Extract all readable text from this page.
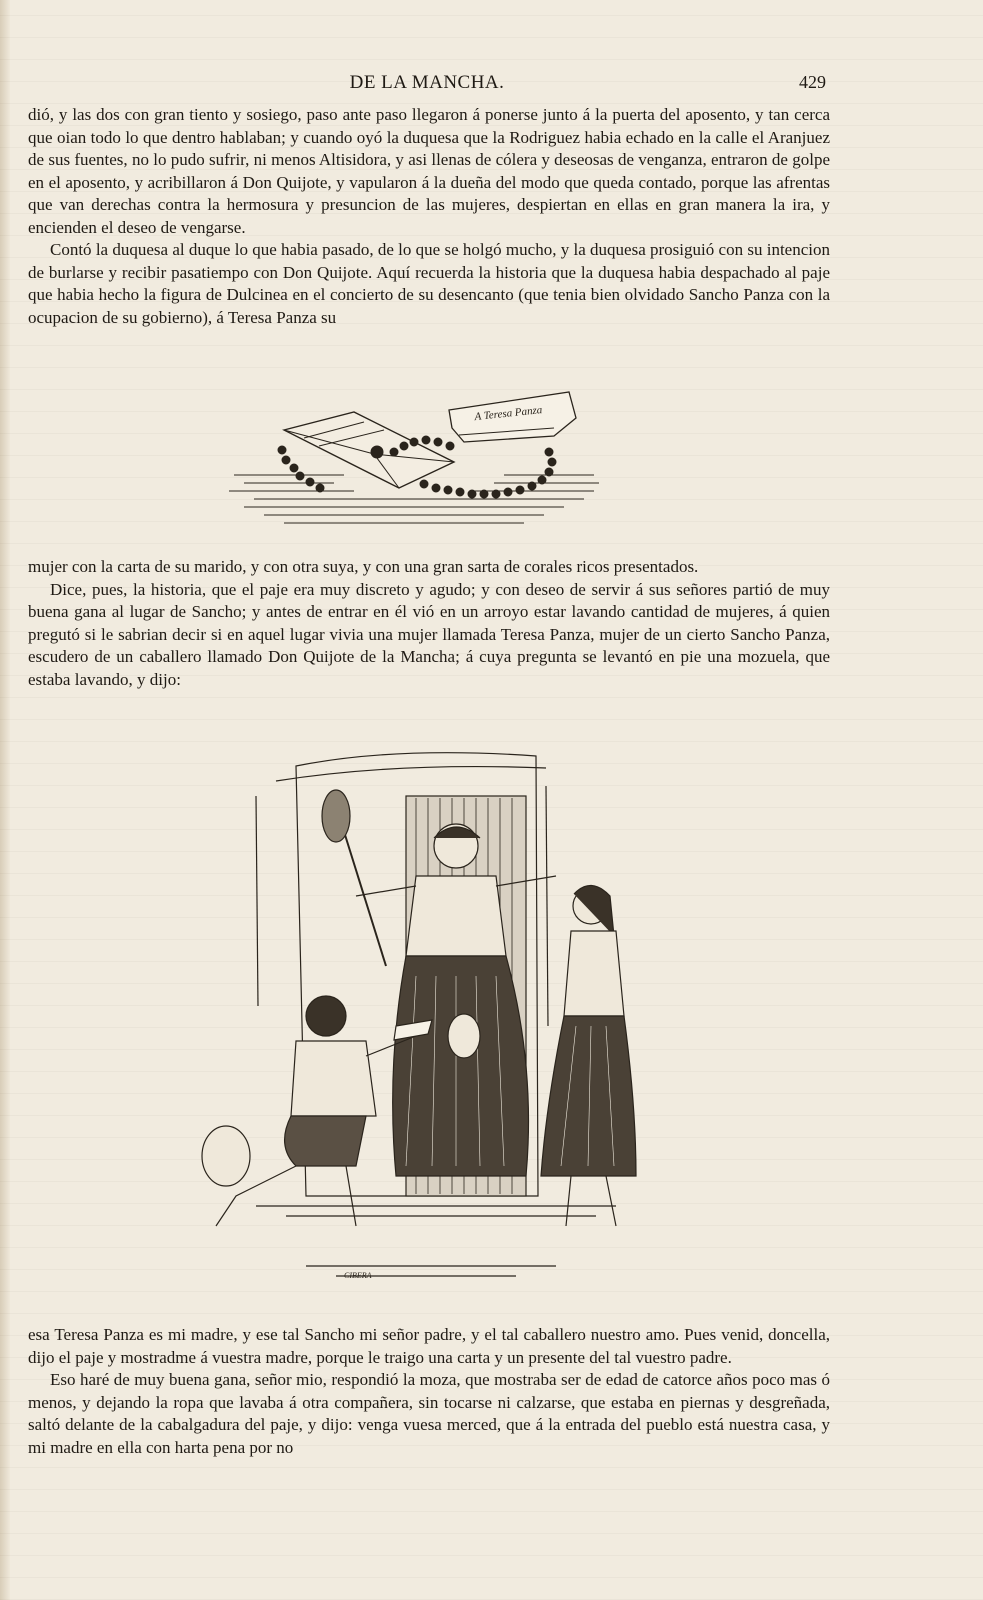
DE LA MANCHA.	429

dió, y las dos con gran tiento y sosiego, paso ante paso llegaron á ponerse junto á la puerta del aposento, y tan cerca que oian todo lo que dentro hablaban; y cuando oyó la duquesa que la Rodriguez habia echado en la calle el Aranjuez de sus fuentes, no lo pudo sufrir, ni menos Altisidora, y asi llenas de cólera y deseosas de venganza, entraron de golpe en el aposento, y acribillaron á Don Quijote, y vapularon á la dueña del modo que queda contado, porque las afrentas que van derechas contra la hermosura y presuncion de las mujeres, despiertan en ellas en gran manera la ira, y encienden el deseo de vengarse.

Contó la duquesa al duque lo que habia pasado, de lo que se holgó mucho, y la duquesa prosiguió con su intencion de burlarse y recibir pasatiempo con Don Quijote. Aquí recuerda la historia que la duquesa habia despachado al paje que habia hecho la figura de Dulcinea en el concierto de su desencanto (que tenia bien olvidado Sancho Panza con la ocupacion de su gobierno), á Teresa Panza su

A Teresa Panza

mujer con la carta de su marido, y con otra suya, y con una gran sarta de corales ricos presentados.

Dice, pues, la historia, que el paje era muy discreto y agudo; y con deseo de servir á sus señores partió de muy buena gana al lugar de Sancho; y antes de entrar en él vió en un arroyo estar lavando cantidad de mujeres, á quien pregutó si le sabrian decir si en aquel lugar vivia una mujer llamada Teresa Panza, mujer de un cierto Sancho Panza, escudero de un caballero llamado Don Quijote de la Mancha; á cuya pregunta se levantó en pie una mozuela, que estaba lavando, y dijo:

CIBERA

esa Teresa Panza es mi madre, y ese tal Sancho mi señor padre, y el tal caballero nuestro amo. Pues venid, doncella, dijo el paje y mostradme á vuestra madre, porque le traigo una carta y un presente del tal vuestro padre.

Eso haré de muy buena gana, señor mio, respondió la moza, que mostraba ser de edad de catorce años poco mas ó menos, y dejando la ropa que lavaba á otra compañera, sin tocarse ni calzarse, que estaba en piernas y desgreñada, saltó delante de la cabalgadura del paje, y dijo: venga vuesa merced, que á la entrada del pueblo está nuestra casa, y mi madre en ella con harta pena por no
